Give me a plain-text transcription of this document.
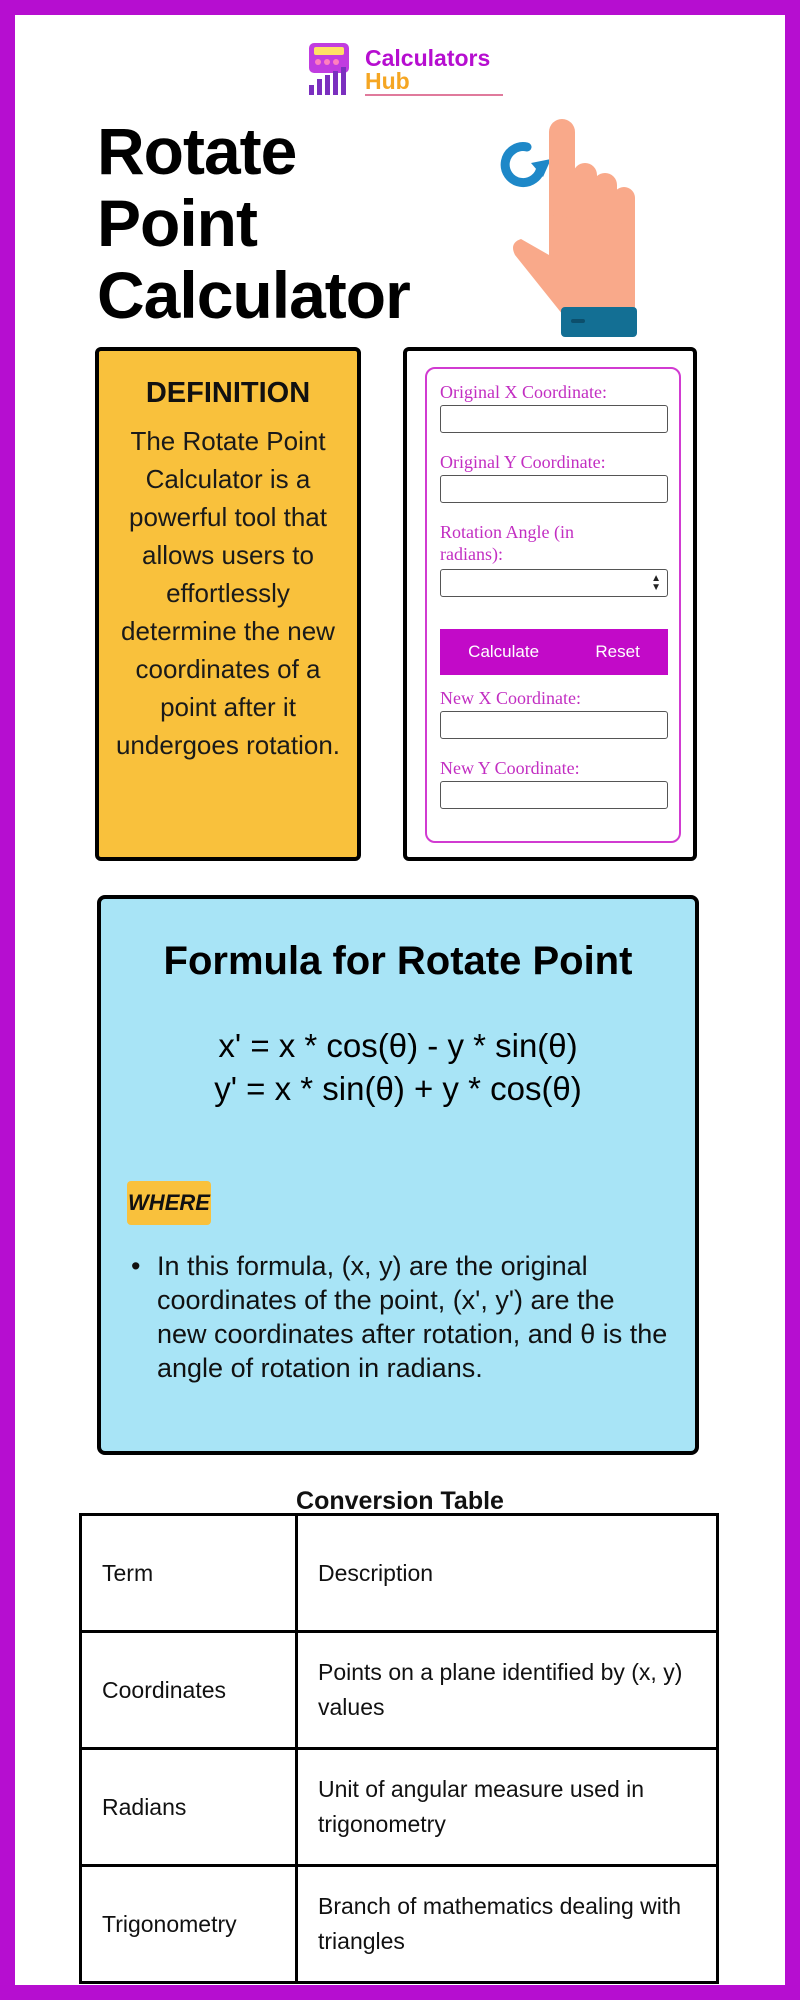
Calculators
Hub
Rotate
Point
Calculator
DEFINITION
The Rotate Point Calculator is a powerful tool that allows users to effortlessly determine the new coordinates of a point after it undergoes rotation.
Original X Coordinate:
Original Y Coordinate:
Rotation Angle (in radians):
▲
▼
Calculate	Reset
New X Coordinate:
New Y Coordinate:
Formula for Rotate Point
x' = x * cos(θ) - y * sin(θ)
y' = x * sin(θ) + y * cos(θ)
WHERE
• In this formula, (x, y) are the original coordinates of the point, (x', y') are the new coordinates after rotation, and θ is the angle of rotation in radians.
Conversion Table
Term	Description
Coordinates	Points on a plane identified by (x, y) values
Radians	Unit of angular measure used in trigonometry
Trigonometry	Branch of mathematics dealing with triangles
